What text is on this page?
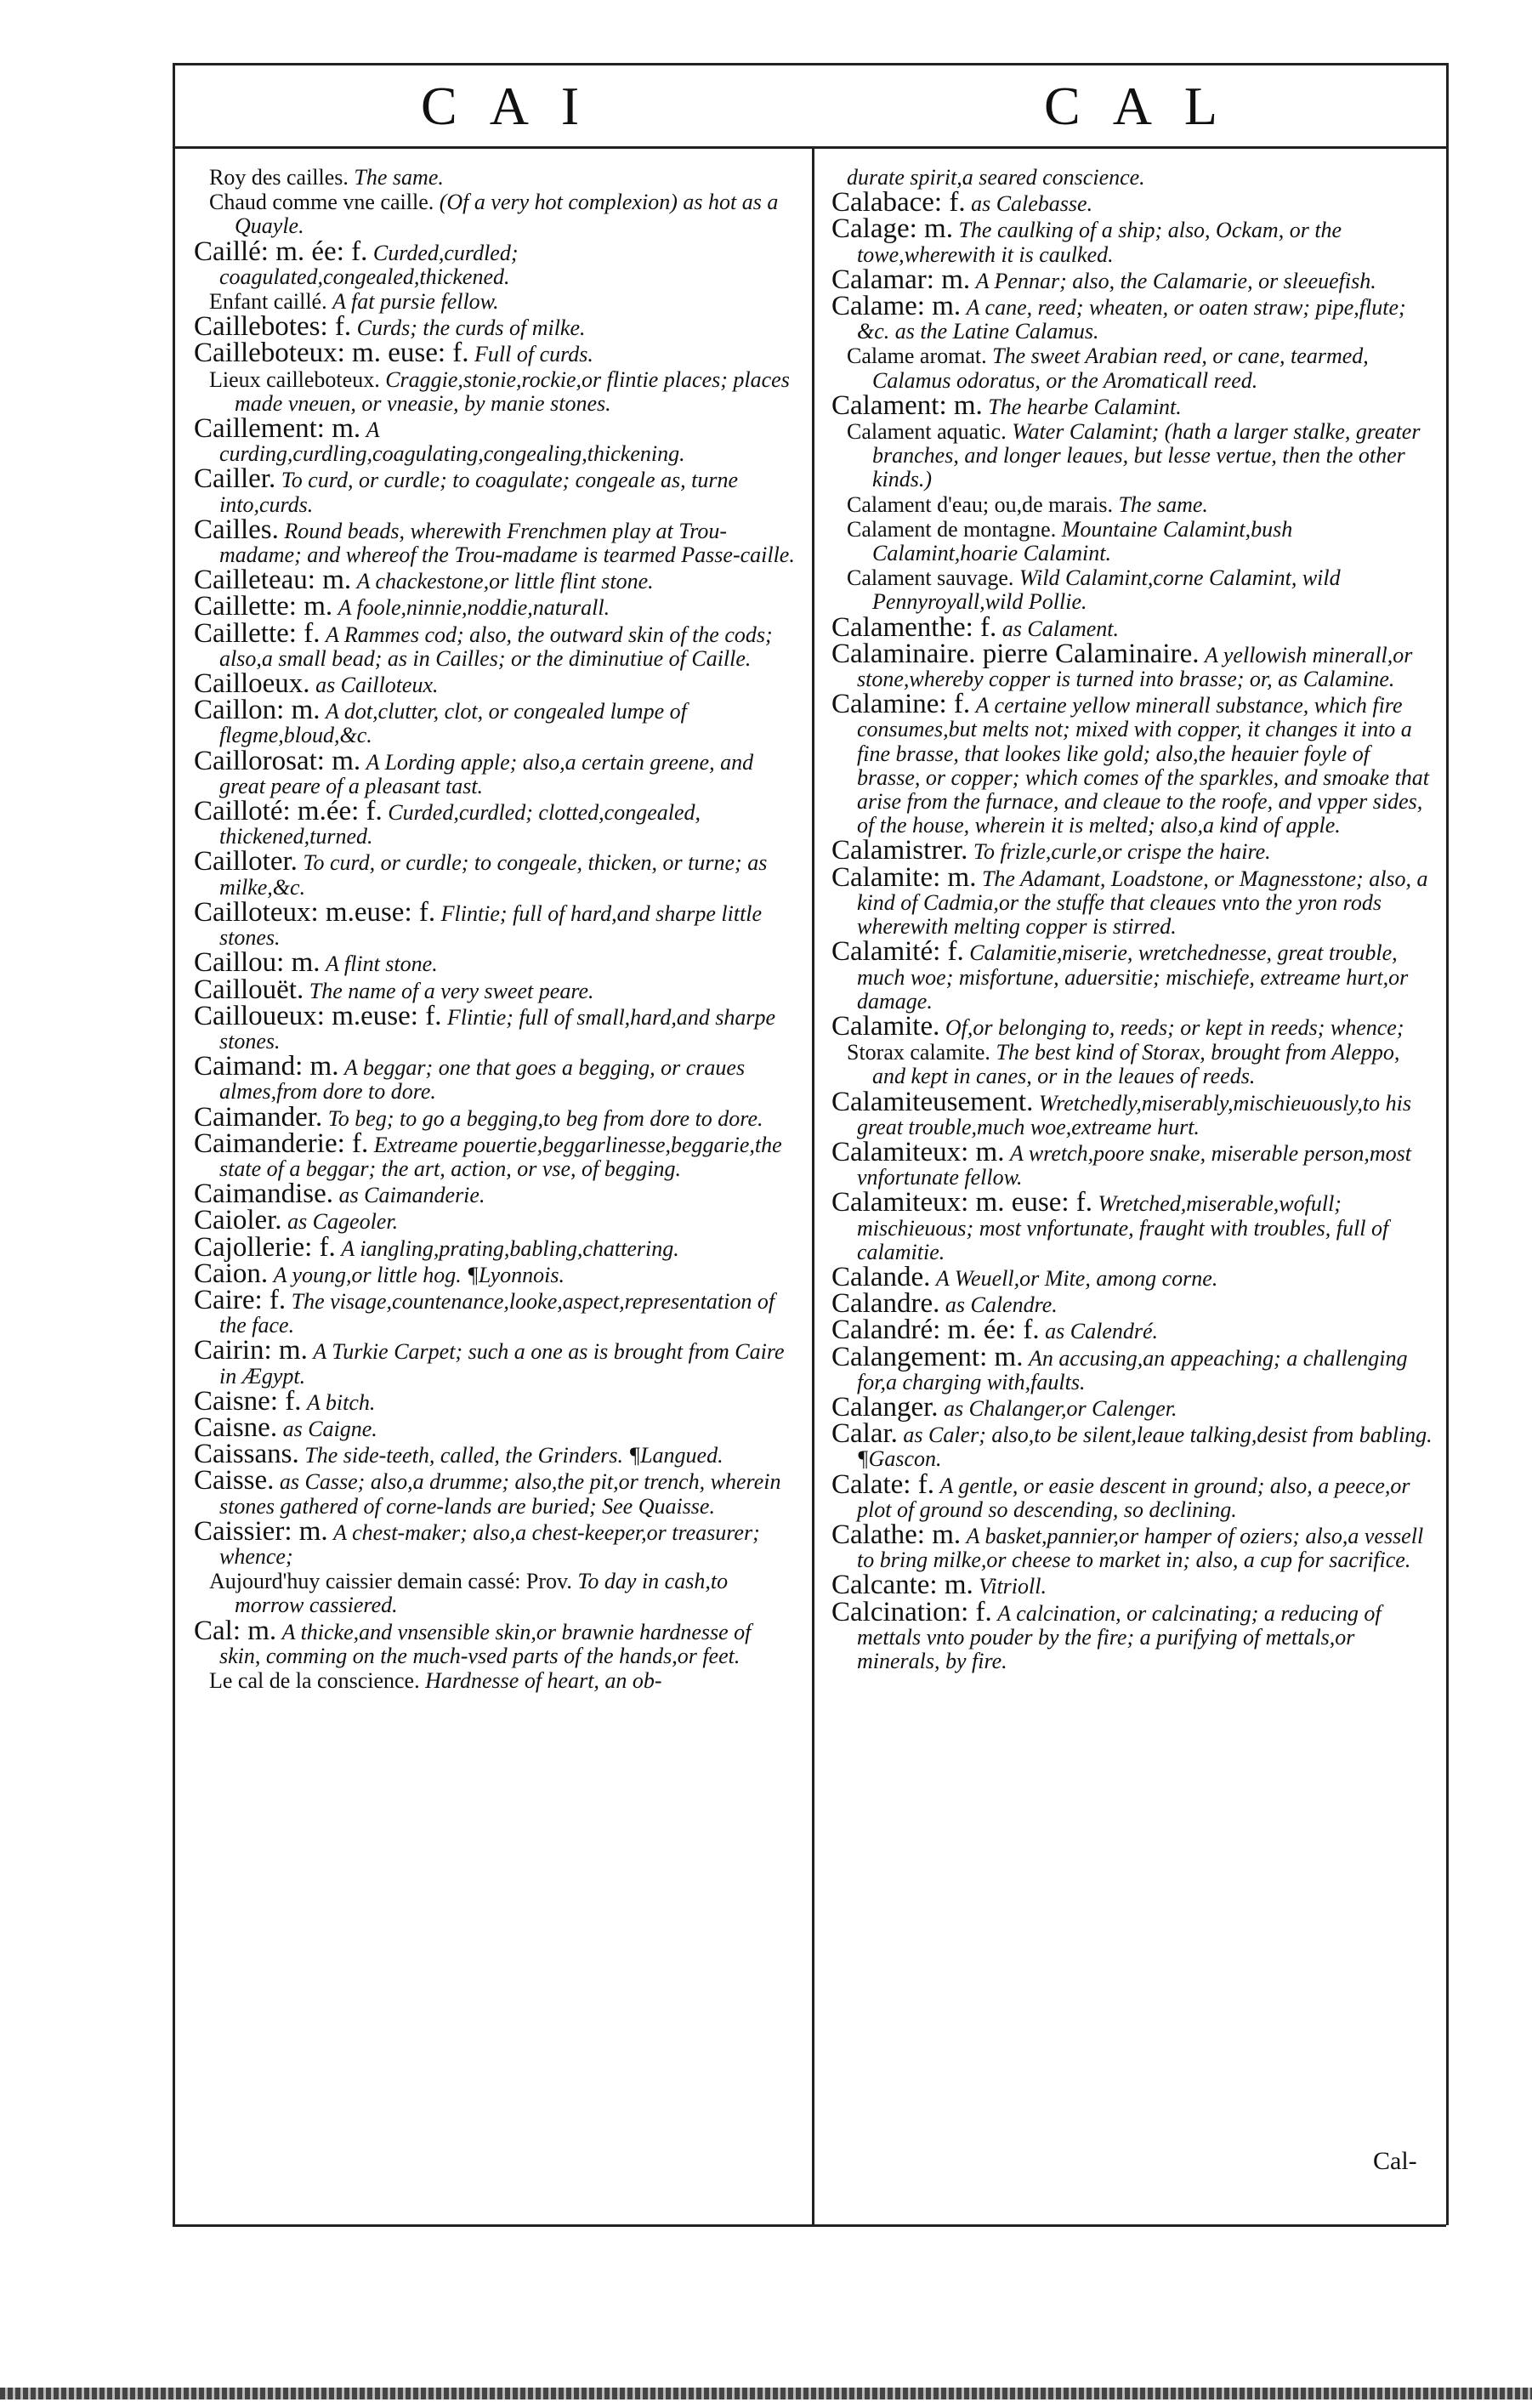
CAI	CAL
Roy des cailles. The same.
Chaud comme vne caille. (Of a very hot complexion) as hot as a Quayle.
Caillé: m. ée: f. Curded,curdled; coagulated,congealed,thickened.
Enfant caillé. A fat pursie fellow.
Caillebotes: f. Curds; the curds of milke.
Cailleboteux: m. euse: f. Full of curds.
Lieux cailleboteux. Craggie,stonie,rockie,or flintie places; places made vneuen, or vneasie, by manie stones.
Caillement: m. A curding,curdling,coagulating,congealing,thickening.
Cailler. To curd, or curdle; to coagulate; congeale as, turne into,curds.
Cailles. Round beads, wherewith Frenchmen play at Trou-madame; and whereof the Trou-madame is tearmed Passe-caille.
Cailleteau: m. A chackestone,or little flint stone.
Caillette: m. A foole,ninnie,noddie,naturall.
Caillette: f. A Rammes cod; also, the outward skin of the cods; also,a small bead; as in Cailles; or the diminutiue of Caille.
Cailloeux. as Cailloteux.
Caillon: m. A dot,clutter, clot, or congealed lumpe of flegme,bloud,&c.
Caillorosat: m. A Lording apple; also,a certain greene, and great peare of a pleasant tast.
Cailloté: m.ée: f. Curded,curdled; clotted,congealed, thickened,turned.
Cailloter. To curd, or curdle; to congeale, thicken, or turne; as milke,&c.
Cailloteux: m.euse: f. Flintie; full of hard,and sharpe little stones.
Caillou: m. A flint stone.
Caillouët. The name of a very sweet peare.
Cailloueux: m.euse: f. Flintie; full of small,hard,and sharpe stones.
Caimand: m. A beggar; one that goes a begging, or craues almes,from dore to dore.
Caimander. To beg; to go a begging,to beg from dore to dore.
Caimanderie: f. Extreame pouertie,beggarlinesse,beggarie,the state of a beggar; the art, action, or vse, of begging.
Caimandise. as Caimanderie.
Caioler. as Cageoler.
Cajollerie: f. A iangling,prating,babling,chattering.
Caion. A young,or little hog. ¶Lyonnois.
Caire: f. The visage,countenance,looke,aspect,representation of the face.
Cairin: m. A Turkie Carpet; such a one as is brought from Caire in Ægypt.
Caisne: f. A bitch.
Caisne. as Caigne.
Caissans. The side-teeth, called, the Grinders. ¶Langued.
Caisse. as Casse; also,a drumme; also,the pit,or trench, wherein stones gathered of corne-lands are buried; See Quaisse.
Caissier: m. A chest-maker; also,a chest-keeper,or treasurer; whence;
Aujourd'huy caissier demain cassé: Prov. To day in cash,to morrow cassiered.
Cal: m. A thicke,and vnsensible skin,or brawnie hardnesse of skin, comming on the much-vsed parts of the hands,or feet.
Le cal de la conscience. Hardnesse of heart, an ob-
durate spirit,a seared conscience.
Calabace: f. as Calebasse.
Calage: m. The caulking of a ship; also, Ockam, or the towe,wherewith it is caulked.
Calamar: m. A Pennar; also, the Calamarie, or sleeuefish.
Calame: m. A cane, reed; wheaten, or oaten straw; pipe,flute; &c. as the Latine Calamus.
Calame aromat. The sweet Arabian reed, or cane, tearmed, Calamus odoratus, or the Aromaticall reed.
Calament: m. The hearbe Calamint.
Calament aquatic. Water Calamint; (hath a larger stalke, greater branches, and longer leaues, but lesse vertue, then the other kinds.)
Calament d'eau; ou,de marais. The same.
Calament de montagne. Mountaine Calamint,bush Calamint,hoarie Calamint.
Calament sauvage. Wild Calamint,corne Calamint, wild Pennyroyall,wild Pollie.
Calamenthe: f. as Calament.
Calaminaire. pierre Calaminaire. A yellowish minerall,or stone,whereby copper is turned into brasse; or, as Calamine.
Calamine: f. A certaine yellow minerall substance, which fire consumes,but melts not; mixed with copper, it changes it into a fine brasse, that lookes like gold; also,the heauier foyle of brasse, or copper; which comes of the sparkles, and smoake that arise from the furnace, and cleaue to the roofe, and vpper sides, of the house, wherein it is melted; also,a kind of apple.
Calamistrer. To frizle,curle,or crispe the haire.
Calamite: m. The Adamant, Loadstone, or Magnesstone; also, a kind of Cadmia,or the stuffe that cleaues vnto the yron rods wherewith melting copper is stirred.
Calamité: f. Calamitie,miserie, wretchednesse, great trouble, much woe; misfortune, aduersitie; mischiefe, extreame hurt,or damage.
Calamite. Of,or belonging to, reeds; or kept in reeds; whence;
Storax calamite. The best kind of Storax, brought from Aleppo, and kept in canes, or in the leaues of reeds.
Calamiteusement. Wretchedly,miserably,mischieuously,to his great trouble,much woe,extreame hurt.
Calamiteux: m. A wretch,poore snake, miserable person,most vnfortunate fellow.
Calamiteux: m. euse: f. Wretched,miserable,wofull; mischieuous; most vnfortunate, fraught with troubles, full of calamitie.
Calande. A Weuell,or Mite, among corne.
Calandre. as Calendre.
Calandré: m. ée: f. as Calendré.
Calangement: m. An accusing,an appeaching; a challenging for,a charging with,faults.
Calanger. as Chalanger,or Calenger.
Calar. as Caler; also,to be silent,leaue talking,desist from babling. ¶Gascon.
Calate: f. A gentle, or easie descent in ground; also, a peece,or plot of ground so descending, so declining.
Calathe: m. A basket,pannier,or hamper of oziers; also,a vessell to bring milke,or cheese to market in; also, a cup for sacrifice.
Calcante: m. Vitrioll.
Calcination: f. A calcination, or calcinating; a reducing of mettals vnto pouder by the fire; a purifying of mettals,or minerals, by fire.
Cal-
